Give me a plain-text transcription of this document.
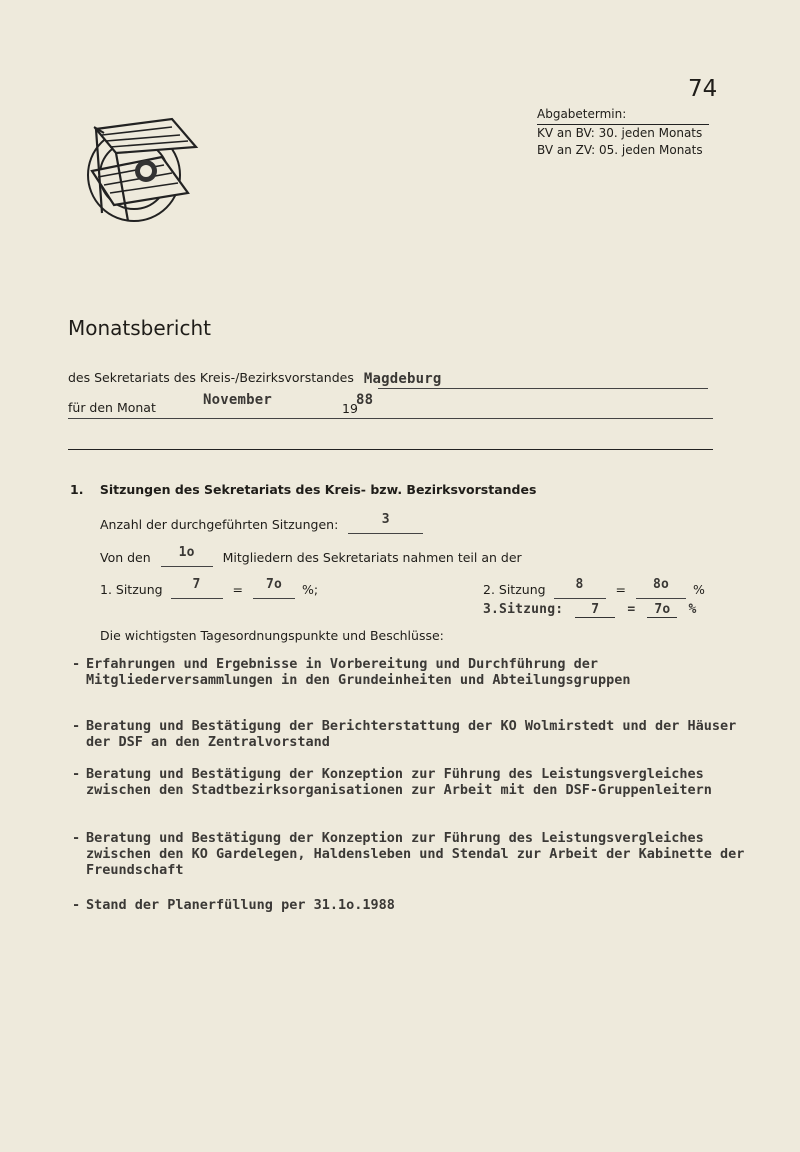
74
Abgabetermin:
KV an BV: 30. jeden Monats
BV an ZV: 05. jeden Monats
Monatsbericht
des Sekretariats des Kreis-/Bezirksvorstandes Magdeburg
für den Monat	November
19
88
1. Sitzungen des Sekretariats des Kreis- bzw. Bezirksvorstandes
Anzahl der durchgeführten Sitzungen:	3
Von den 1o Mitgliedern des Sekretariats nahmen teil an der
1. Sitzung 7	= 7o %;	2. Sitzung 8	= 8o %
3.Sitzung: 7 = 7o %
Die wichtigsten Tagesordnungspunkte und Beschlüsse:
- Erfahrungen und Ergebnisse in Vorbereitung und Durchführung der Mitgliederversammlungen in den Grundeinheiten und Abteilungsgruppen
- Beratung und Bestätigung der Berichterstattung der KO Wolmirstedt und der Häuser der DSF an den Zentralvorstand
- Beratung und Bestätigung der Konzeption zur Führung des Leistungsvergleiches zwischen den Stadtbezirksorganisationen zur Arbeit mit den DSF-Gruppenleitern
- Beratung und Bestätigung der Konzeption zur Führung des Leistungsvergleiches zwischen den KO Gardelegen, Haldensleben und Stendal zur Arbeit der Kabinette der Freundschaft
- Stand der Planerfüllung per 31.1o.1988
